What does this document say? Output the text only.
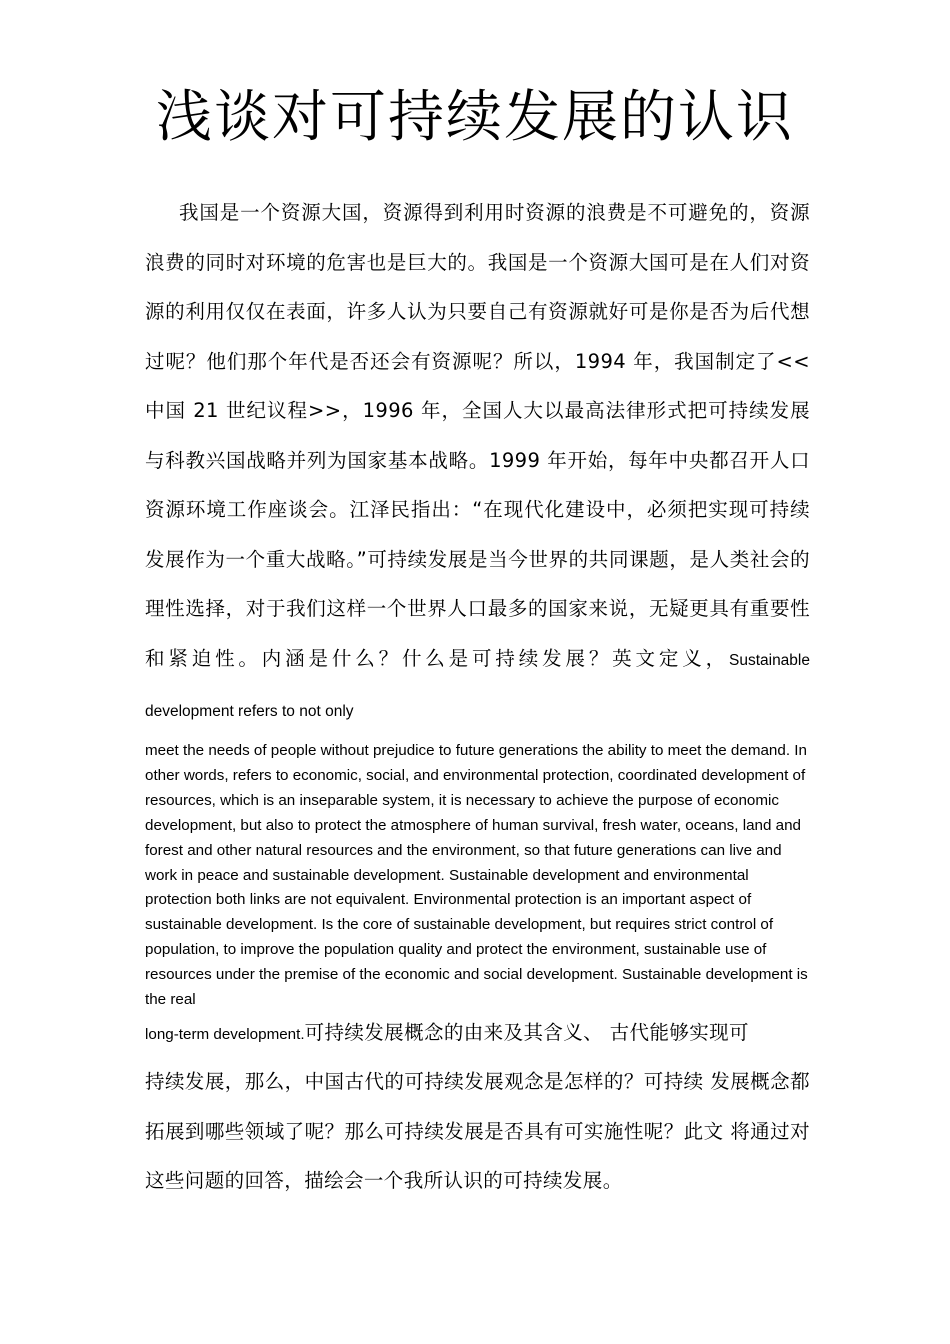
浅谈对可持续发展的认识

我国是一个资源大国，资源得到利用时资源的浪费是不可避免的，资源浪费的同时对环境的危害也是巨大的。我国是一个资源大国可是在人们对资源的利用仅仅在表面，许多人认为只要自己有资源就好可是你是否为后代想过呢？他们那个年代是否还会有资源呢？所以，1994 年，我国制定了<<中国 21 世纪议程>>，1996 年，全国人大以最高法律形式把可持续发展与科教兴国战略并列为国家基本战略。1999 年开始，每年中央都召开人口资源环境工作座谈会。江泽民指出：“在现代化建设中，必须把实现可持续发展作为一个重大战略。”可持续发展是当今世界的共同课题，是人类社会的理性选择，对于我们这样一个世界人口最多的国家来说，无疑更具有重要性和紧迫性。内涵是什么？什么是可持续发展？英文定义，Sustainable development refers to not only

meet the needs of people without prejudice to future generations the ability to meet the demand. In other words, refers to economic, social, and environmental protection, coordinated development of resources, which is an inseparable system, it is necessary to achieve the purpose of economic development, but also to protect the atmosphere of human survival, fresh water, oceans, land and forest and other natural resources and the environment, so that future generations can live and work in peace and sustainable development. Sustainable development and environmental protection both links are not equivalent. Environmental protection is an important aspect of sustainable development. Is the core of sustainable development, but requires strict control of population, to improve the population quality and protect the environment, sustainable use of resources under the premise of the economic and social development. Sustainable development is the real

long-term development.可持续发展概念的由来及其含义、 古代能够实现可

持续发展，那么，中国古代的可持续发展观念是怎样的？可持续 发展概念都拓展到哪些领域了呢？那么可持续发展是否具有可实施性呢？此文 将通过对这些问题的回答，描绘会一个我所认识的可持续发展。
